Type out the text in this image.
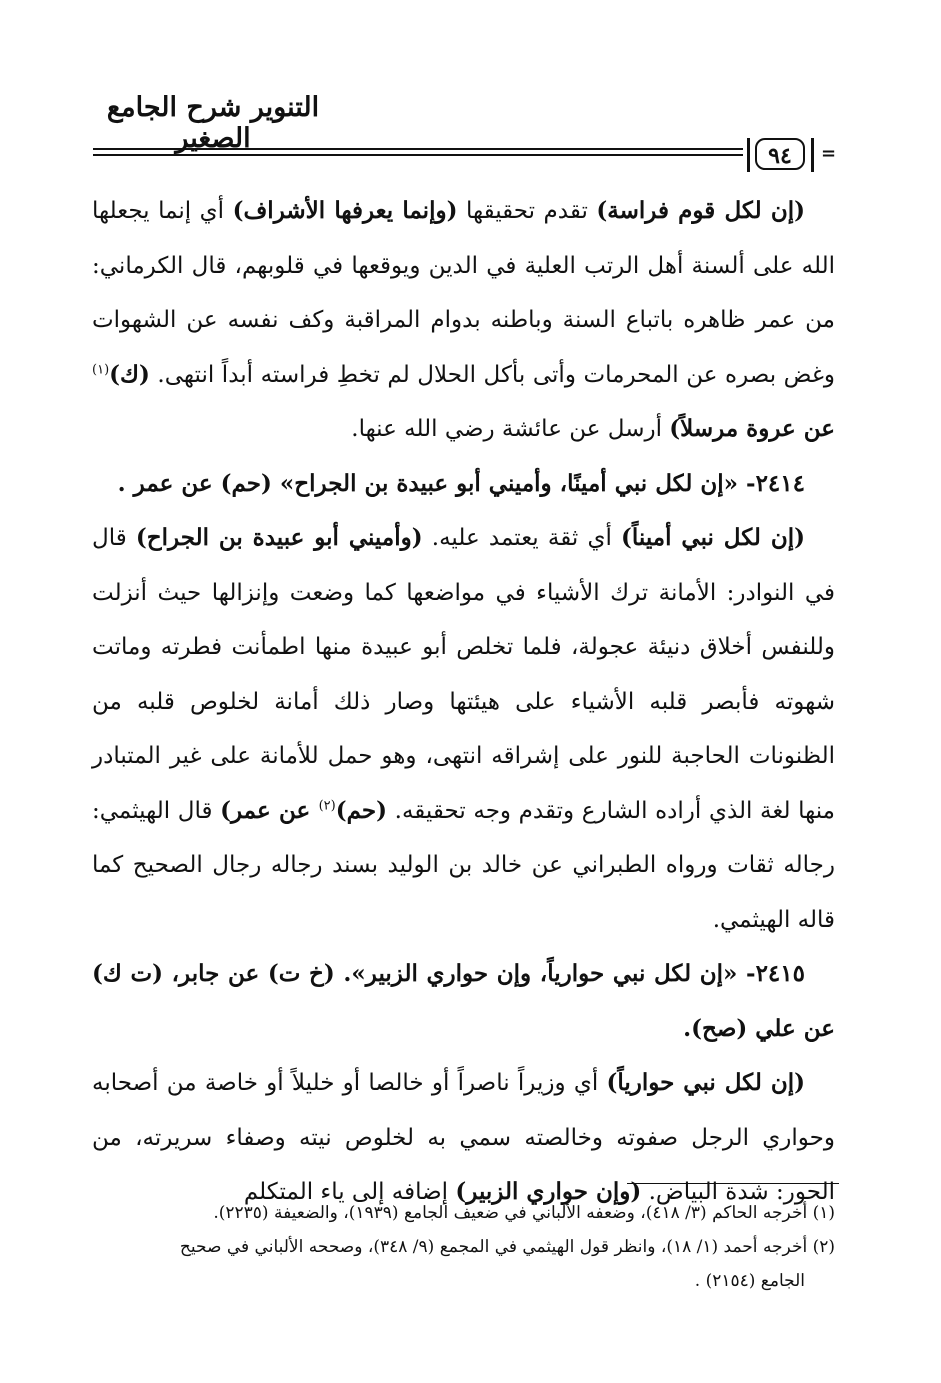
التنوير شرح الجامع الصغير
٩٤	=

(إن لكل قوم فراسة) تقدم تحقيقها (وإنما يعرفها الأشراف) أي إنما يجعلها الله على ألسنة أهل الرتب العلية في الدين ويوقعها في قلوبهم، قال الكرماني: من عمر ظاهره باتباع السنة وباطنه بدوام المراقبة وكف نفسه عن الشهوات وغض بصره عن المحرمات وأتى بأكل الحلال لم تخطِ فراسته أبداً انتهى. (ك)$^{(١)}$ عن عروة مرسلاً) أرسل عن عائشة رضي الله عنها.

٢٤١٤- «إن لكل نبي أمينًا، وأميني أبو عبيدة بن الجراح» (حم) عن عمر .

(إن لكل نبي أميناً) أي ثقة يعتمد عليه. (وأميني أبو عبيدة بن الجراح) قال في النوادر: الأمانة ترك الأشياء في مواضعها كما وضعت وإنزالها حيث أنزلت وللنفس أخلاق دنيئة عجولة، فلما تخلص أبو عبيدة منها اطمأنت فطرته وماتت شهوته فأبصر قلبه الأشياء على هيئتها وصار ذلك أمانة لخلوص قلبه من الظنونات الحاجبة للنور على إشراقه انتهى، وهو حمل للأمانة على غير المتبادر منها لغة الذي أراده الشارع وتقدم وجه تحقيقه. (حم)$^{(٢)}$ عن عمر) قال الهيثمي: رجاله ثقات ورواه الطبراني عن خالد بن الوليد بسند رجاله رجال الصحيح كما قاله الهيثمي.

٢٤١٥- «إن لكل نبي حوارياً، وإن حواري الزبير». (خ ت) عن جابر، (ت ك) عن علي (صح).

(إن لكل نبي حوارياً) أي وزيراً ناصراً أو خالصا أو خليلاً أو خاصة من أصحابه وحواري الرجل صفوته وخالصته سمي به لخلوص نيته وصفاء سريرته، من الحور: شدة البياض. (وإن حواري الزبير) إضافه إلى ياء المتكلم

(١) أخرجه الحاكم (٣/ ٤١٨)، وضعفه الألباني في ضعيف الجامع (١٩٣٩)، والضعيفة (٢٢٣٥).

(٢) أخرجه أحمد (١/ ١٨)، وانظر قول الهيثمي في المجمع (٩/ ٣٤٨)، وصححه الألباني في صحيح

الجامع (٢١٥٤) .
